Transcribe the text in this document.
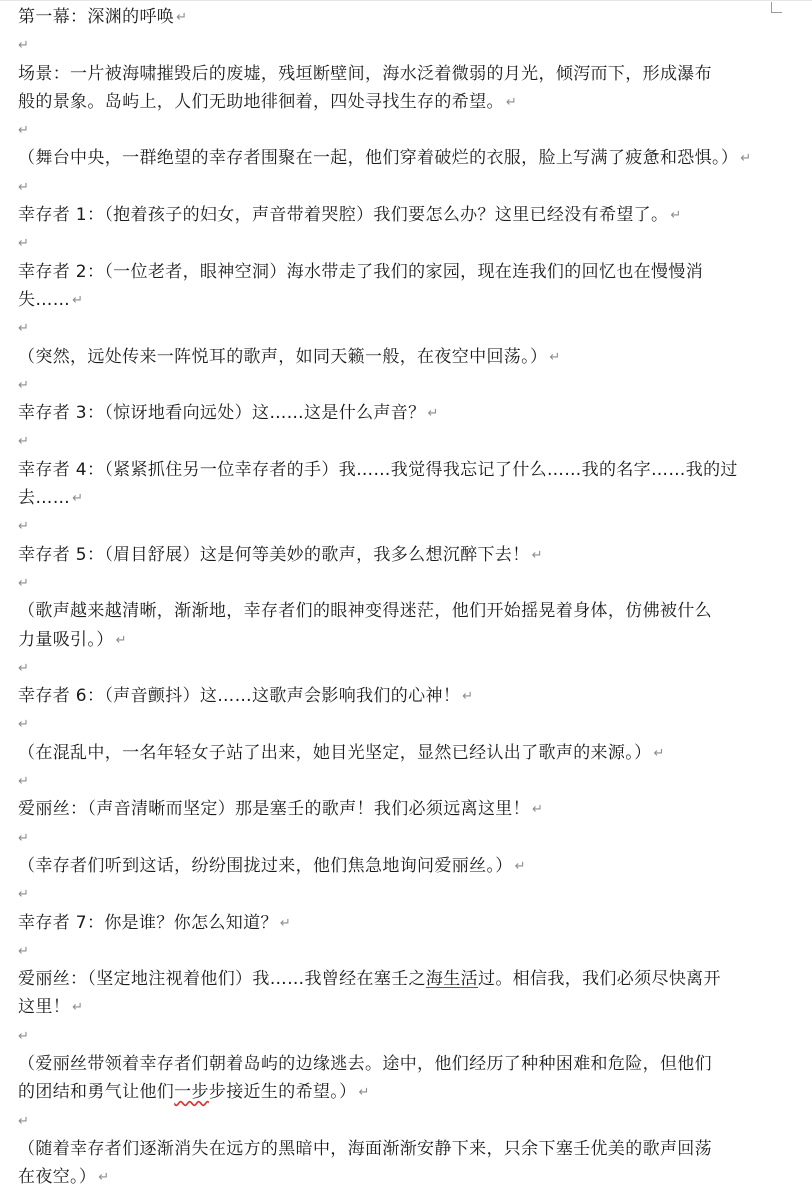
第一幕：深渊的呼唤 ↵
↵
场景：一片被海啸摧毁后的废墟，残垣断壁间，海水泛着微弱的月光，倾泻而下，形成瀑布
般的景象。岛屿上，人们无助地徘徊着，四处寻找生存的希望。 ↵
↵
（舞台中央，一群绝望的幸存者围聚在一起，他们穿着破烂的衣服，脸上写满了疲惫和恐惧。） ↵
↵
幸存者 1：（抱着孩子的妇女，声音带着哭腔）我们要怎么办？这里已经没有希望了。 ↵
↵
幸存者 2：（一位老者，眼神空洞）海水带走了我们的家园，现在连我们的回忆也在慢慢消
失…… ↵
↵
（突然，远处传来一阵悦耳的歌声，如同天籁一般，在夜空中回荡。） ↵
↵
幸存者 3：（惊讶地看向远处）这……这是什么声音？ ↵
↵
幸存者 4：（紧紧抓住另一位幸存者的手）我……我觉得我忘记了什么……我的名字……我的过
去…… ↵
↵
幸存者 5：（眉目舒展）这是何等美妙的歌声，我多么想沉醉下去！ ↵
↵
（歌声越来越清晰，渐渐地，幸存者们的眼神变得迷茫，他们开始摇晃着身体，仿佛被什么
力量吸引。） ↵
↵
幸存者 6：（声音颤抖）这……这歌声会影响我们的心神！ ↵
↵
（在混乱中，一名年轻女子站了出来，她目光坚定，显然已经认出了歌声的来源。） ↵
↵
爱丽丝：（声音清晰而坚定）那是塞壬的歌声！我们必须远离这里！ ↵
↵
（幸存者们听到这话，纷纷围拢过来，他们焦急地询问爱丽丝。） ↵
↵
幸存者 7：你是谁？你怎么知道？ ↵
↵
爱丽丝：（坚定地注视着他们）我……我曾经在塞壬之海生活过。相信我，我们必须尽快离开
这里！ ↵
↵
（爱丽丝带领着幸存者们朝着岛屿的边缘逃去。途中，他们经历了种种困难和危险，但他们
的团结和勇气让他们一步步接近生的希望。） ↵
↵
（随着幸存者们逐渐消失在远方的黑暗中，海面渐渐安静下来，只余下塞壬优美的歌声回荡
在夜空。） ↵
